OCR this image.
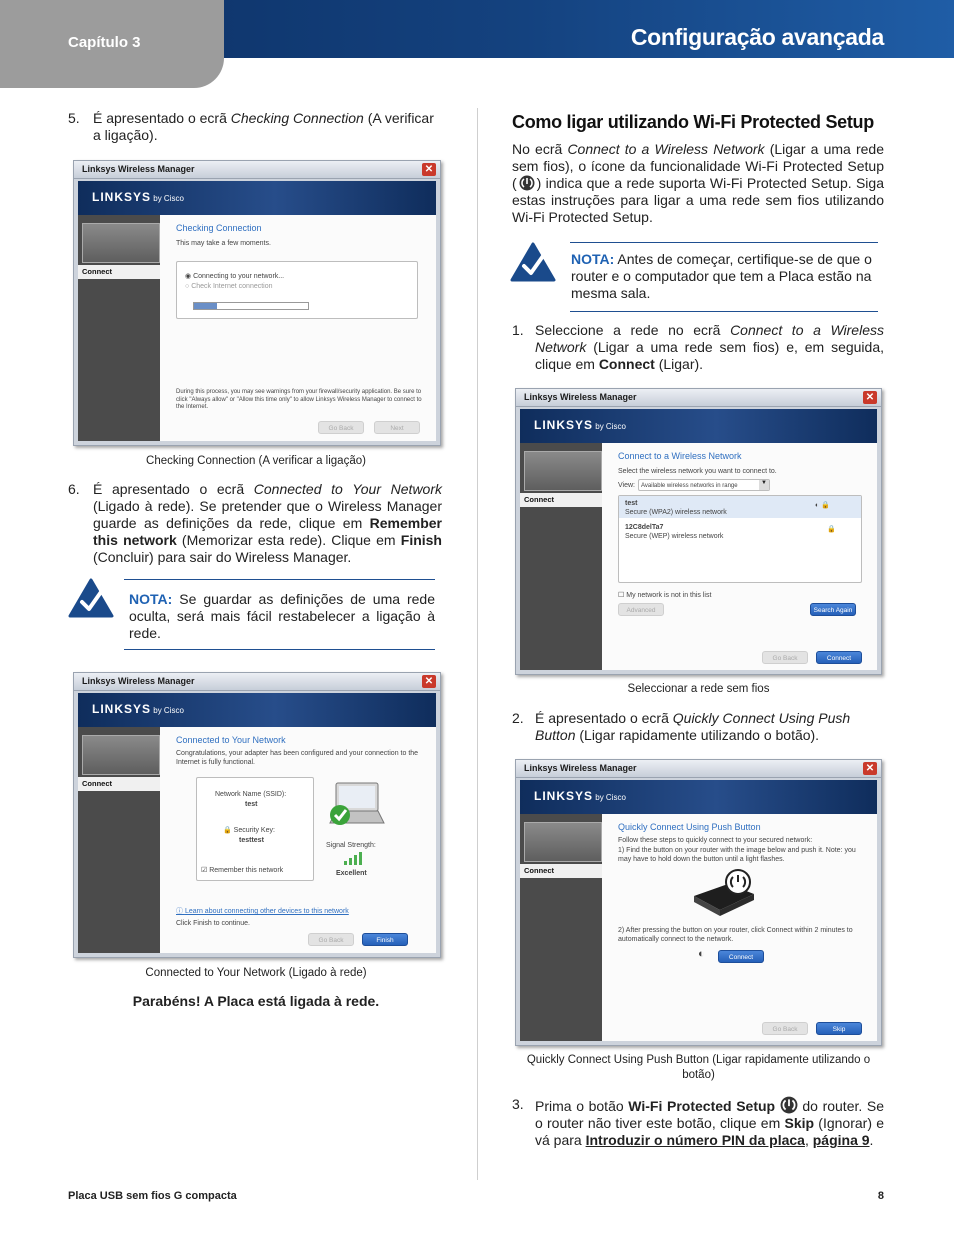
Capítulo 3	Configuração avançada
5. É apresentado o ecrã Checking Connection (A verificar a ligação).
Linksys Wireless Manager	✕
LINKSYS by Cisco
Connect
Checking Connection
This may take a few moments.
◉ Connecting to your network...
○ Check Internet connection
During this process, you may see warnings from your firewall/security application. Be sure to click "Always allow" or "Allow this time only" to allow Linksys Wireless Manager to connect to the Internet.
Go Back	Next
Checking Connection (A verificar a ligação)
6. É apresentado o ecrã Connected to Your Network (Ligado à rede). Se pretender que o Wireless Manager guarde as definições da rede, clique em Remember this network (Memorizar esta rede). Clique em Finish (Concluir) para sair do Wireless Manager.
NOTA: Se guardar as definições de uma rede oculta, será mais fácil restabelecer a ligação à rede.
Linksys Wireless Manager	✕
LINKSYS by Cisco
Connect
Connected to Your Network
Congratulations, your adapter has been configured and your connection to the Internet is fully functional.
Network Name (SSID):
test
🔒 Security Key:
testtest
☑ Remember this network
Signal Strength:
Excellent
ⓘ Learn about connecting other devices to this network
Click Finish to continue.
Go Back	Finish
Connected to Your Network (Ligado à rede)
Parabéns! A Placa está ligada à rede.
Como ligar utilizando Wi-Fi Protected Setup
No ecrã Connect to a Wireless Network (Ligar a uma rede sem fios), o ícone da funcionalidade Wi-Fi Protected Setup ( ) indica que a rede suporta Wi-Fi Protected Setup. Siga estas instruções para ligar a uma rede sem fios utilizando Wi-Fi Protected Setup.
NOTA: Antes de começar, certifique-se de que o router e o computador que tem a Placa estão na mesma sala.
1. Seleccione a rede no ecrã Connect to a Wireless Network (Ligar a uma rede sem fios) e, em seguida, clique em Connect (Ligar).
Linksys Wireless Manager	✕
LINKSYS by Cisco
Connect
Connect to a Wireless Network
Select the wireless network you want to connect to.
View: Available wireless networks in range	▼
test
Secure (WPA2) wireless network
◐ 🔒
12C8delTa7
Secure (WEP) wireless network
🔒
☐ My network is not in this list
Advanced	Search Again
Go Back	Connect
Seleccionar a rede sem fios
2. É apresentado o ecrã Quickly Connect Using Push Button (Ligar rapidamente utilizando o botão).
Linksys Wireless Manager	✕
LINKSYS by Cisco
Connect
Quickly Connect Using Push Button
Follow these steps to quickly connect to your secured network:
1) Find the button on your router with the image below and push it. Note: you may have to hold down the button until a light flashes.
2) After pressing the button on your router, click Connect within 2 minutes to automatically connect to the network.
◐	Connect
Go Back	Skip
Quickly Connect Using Push Button (Ligar rapidamente utilizando o botão)
3. Prima o botão Wi-Fi Protected Setup  do router. Se o router não tiver este botão, clique em Skip (Ignorar) e vá para Introduzir o número PIN da placa, página 9.
Placa USB sem fios G compacta	8
